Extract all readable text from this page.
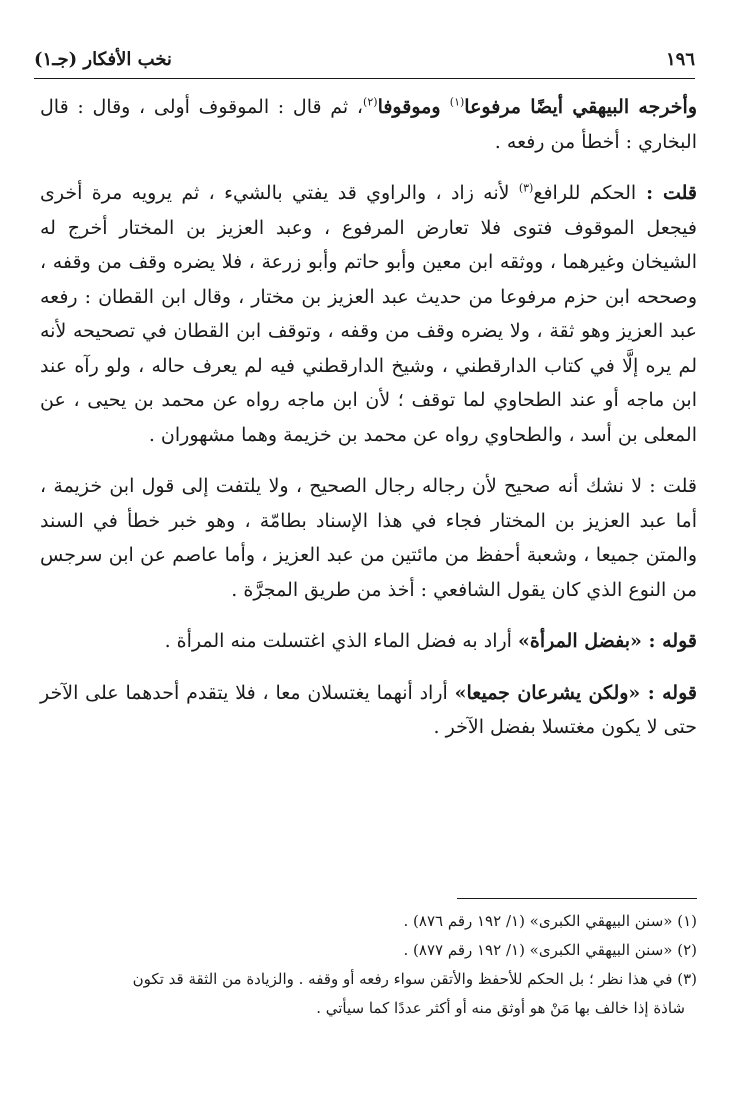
نخب الأفكار (جـ١)	١٩٦

وأخرجه البيهقي أيضًا مرفوعا$^{(١)}$ وموقوفا$^{(٢)}$، ثم قال : الموقوف أولى ، وقال : قال البخاري : أخطأ من رفعه .

قلت : الحكم للرافع$^{(٣)}$ لأنه زاد ، والراوي قد يفتي بالشيء ، ثم يرويه مرة أخرى فيجعل الموقوف فتوى فلا تعارض المرفوع ، وعبد العزيز بن المختار أخرج له الشيخان وغيرهما ، ووثقه ابن معين وأبو حاتم وأبو زرعة ، فلا يضره وقف من وقفه ، وصححه ابن حزم مرفوعا من حديث عبد العزيز بن مختار ، وقال ابن القطان : رفعه عبد العزيز وهو ثقة ، ولا يضره وقف من وقفه ، وتوقف ابن القطان في تصحيحه لأنه لم يره إلَّا في كتاب الدارقطني ، وشيخ الدارقطني فيه لم يعرف حاله ، ولو رآه عند ابن ماجه أو عند الطحاوي لما توقف ؛ لأن ابن ماجه رواه عن محمد بن يحيى ، عن المعلى بن أسد ، والطحاوي رواه عن محمد بن خزيمة وهما مشهوران .

قلت : لا نشك أنه صحيح لأن رجاله رجال الصحيح ، ولا يلتفت إلى قول ابن خزيمة ، أما عبد العزيز بن المختار فجاء في هذا الإسناد بطامّة ، وهو خبر خطأ في السند والمتن جميعا ، وشعبة أحفظ من مائتين من عبد العزيز ، وأما عاصم عن ابن سرجس من النوع الذي كان يقول الشافعي : أخذ من طريق المجرَّة .

قوله : «بفضل المرأة» أراد به فضل الماء الذي اغتسلت منه المرأة .

قوله : «ولكن يشرعان جميعا» أراد أنهما يغتسلان معا ، فلا يتقدم أحدهما على الآخر حتى لا يكون مغتسلا بفضل الآخر .

(١) «سنن البيهقي الكبرى» (١/ ١٩٢ رقم ٨٧٦) .

(٢) «سنن البيهقي الكبرى» (١/ ١٩٢ رقم ٨٧٧) .

(٣) في هذا نظر ؛ بل الحكم للأحفظ والأتقن سواء رفعه أو وقفه . والزيادة من الثقة قد تكون

شاذة إذا خالف بها مَنْ هو أوثق منه أو أكثر عددًا كما سيأتي .
